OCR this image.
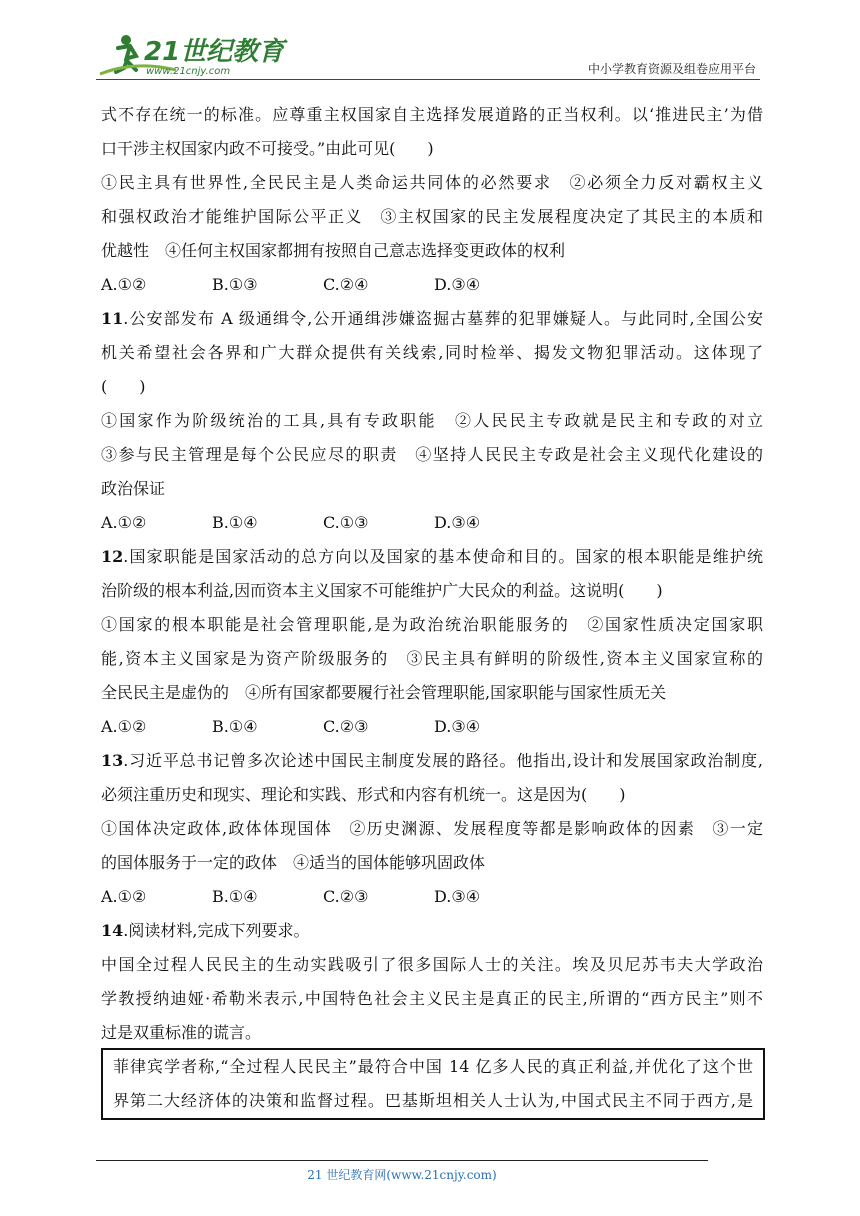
21世纪教育
www.21cnjy.com	中小学教育资源及组卷应用平台
式不存在统一的标准。应尊重主权国家自主选择发展道路的正当权利。以‘推进民主’为借
口干涉主权国家内政不可接受。”由此可见(　　)
①民主具有世界性,全民民主是人类命运共同体的必然要求　②必须全力反对霸权主义
和强权政治才能维护国际公平正义　③主权国家的民主发展程度决定了其民主的本质和
优越性　④任何主权国家都拥有按照自己意志选择变更政体的权利
A.①②	B.①③	C.②④	D.③④
11.公安部发布 A 级通缉令,公开通缉涉嫌盗掘古墓葬的犯罪嫌疑人。与此同时,全国公安
机关希望社会各界和广大群众提供有关线索,同时检举、揭发文物犯罪活动。这体现了
(　　)
①国家作为阶级统治的工具,具有专政职能　②人民民主专政就是民主和专政的对立
③参与民主管理是每个公民应尽的职责　④坚持人民民主专政是社会主义现代化建设的
政治保证
A.①②	B.①④	C.①③	D.③④
12.国家职能是国家活动的总方向以及国家的基本使命和目的。国家的根本职能是维护统
治阶级的根本利益,因而资本主义国家不可能维护广大民众的利益。这说明(　　)
①国家的根本职能是社会管理职能,是为政治统治职能服务的　②国家性质决定国家职
能,资本主义国家是为资产阶级服务的　③民主具有鲜明的阶级性,资本主义国家宣称的
全民民主是虚伪的　④所有国家都要履行社会管理职能,国家职能与国家性质无关
A.①②	B.①④	C.②③	D.③④
13.习近平总书记曾多次论述中国民主制度发展的路径。他指出,设计和发展国家政治制度,
必须注重历史和现实、理论和实践、形式和内容有机统一。这是因为(　　)
①国体决定政体,政体体现国体　②历史渊源、发展程度等都是影响政体的因素　③一定
的国体服务于一定的政体　④适当的国体能够巩固政体
A.①②	B.①④	C.②③	D.③④
14.阅读材料,完成下列要求。
中国全过程人民民主的生动实践吸引了很多国际人士的关注。埃及贝尼苏韦夫大学政治
学教授纳迪娅·希勒米表示,中国特色社会主义民主是真正的民主,所谓的“西方民主”则不
过是双重标准的谎言。
菲律宾学者称,“全过程人民民主”最符合中国 14 亿多人民的真正利益,并优化了这个世
界第二大经济体的决策和监督过程。巴基斯坦相关人士认为,中国式民主不同于西方,是
21 世纪教育网(www.21cnjy.com)
